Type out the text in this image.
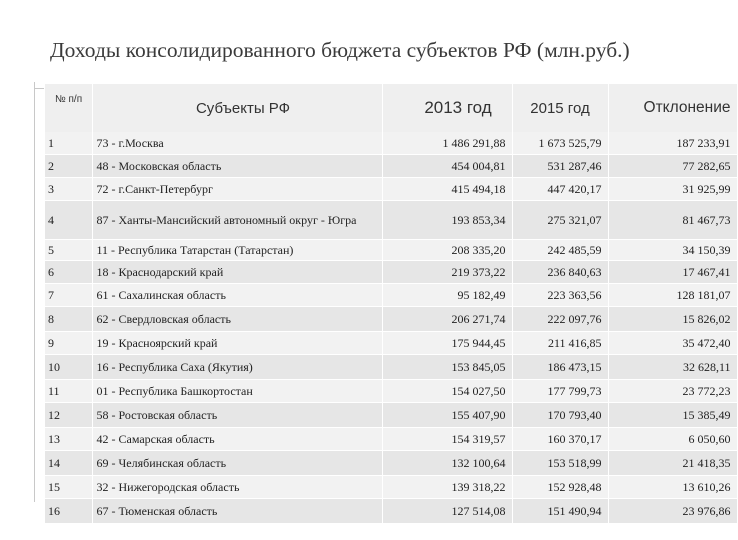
Доходы консолидированного бюджета субъектов РФ (млн.руб.)
№ п/п	Субъекты РФ	2013 год	2015 год	Отклонение
1	73 - г.Москва	1 486 291,88	1 673 525,79	187 233,91
2	48 - Московская область	454 004,81	531 287,46	77 282,65
3	72 - г.Санкт-Петербург	415 494,18	447 420,17	31 925,99
4	87 - Ханты-Мансийский автономный округ - Югра	193 853,34	275 321,07	81 467,73
5	11 - Республика Татарстан (Татарстан)	208 335,20	242 485,59	34 150,39
6	18 - Краснодарский край	219 373,22	236 840,63	17 467,41
7	61 - Сахалинская область	95 182,49	223 363,56	128 181,07
8	62 - Свердловская область	206 271,74	222 097,76	15 826,02
9	19 - Красноярский край	175 944,45	211 416,85	35 472,40
10	16 - Республика Саха (Якутия)	153 845,05	186 473,15	32 628,11
11	01 - Республика Башкортостан	154 027,50	177 799,73	23 772,23
12	58 - Ростовская область	155 407,90	170 793,40	15 385,49
13	42 - Самарская область	154 319,57	160 370,17	6 050,60
14	69 - Челябинская область	132 100,64	153 518,99	21 418,35
15	32 - Нижегородская область	139 318,22	152 928,48	13 610,26
16	67 - Тюменская область	127 514,08	151 490,94	23 976,86
